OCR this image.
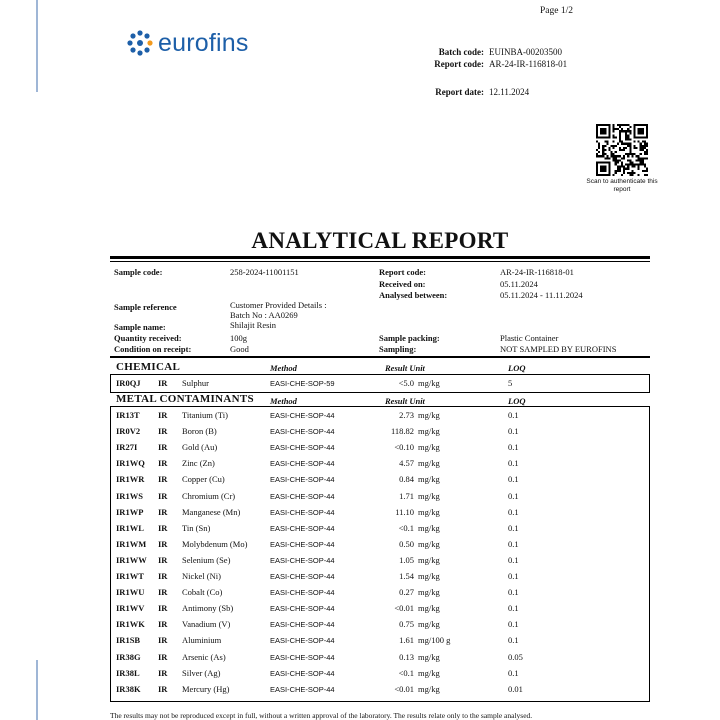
eurofins
Page 1/2
Batch code: EUINBA-00203500
Report code: AR-24-IR-116818-01
Report date: 12.11.2024
Scan to authenticate this report
ANALYTICAL REPORT
Sample code:	258-2024-11001151
Sample reference	Customer Provided Details :
Batch No : AA0269
Sample name:	Shilajit Resin
Quantity received:	100g
Condition on receipt:	Good
Report code:	AR-24-IR-116818-01
Received on:	05.11.2024
Analysed between:	05.11.2024 - 11.11.2024
Sample packing:	Plastic Container
Sampling:	NOT SAMPLED BY EUROFINS
CHEMICAL	Method	Result Unit	LOQ
METAL CONTAMINANTS Method	Result Unit	LOQ
IR0QJ IR Sulphur	EASI-CHE-SOP-59	<5.0 mg/kg	5
IR13T IR Titanium (Ti)	EASI-CHE-SOP-44	2.73 mg/kg	0.1
IR0V2 IR Boron (B)	EASI-CHE-SOP-44	118.82 mg/kg	0.1
IR27I IR Gold (Au)	EASI-CHE-SOP-44	<0.10 mg/kg	0.1
IR1WQ IR Zinc (Zn)	EASI-CHE-SOP-44	4.57 mg/kg	0.1
IR1WR IR Copper (Cu)	EASI-CHE-SOP-44	0.84 mg/kg	0.1
IR1WS IR Chromium (Cr)	EASI-CHE-SOP-44	1.71 mg/kg	0.1
IR1WP IR Manganese (Mn)	EASI-CHE-SOP-44	11.10 mg/kg	0.1
IR1WL IR Tin (Sn)	EASI-CHE-SOP-44	<0.1 mg/kg	0.1
IR1WM IR Molybdenum (Mo)	EASI-CHE-SOP-44	0.50 mg/kg	0.1
IR1WW IR Selenium (Se)	EASI-CHE-SOP-44	1.05 mg/kg	0.1
IR1WT IR Nickel (Ni)	EASI-CHE-SOP-44	1.54 mg/kg	0.1
IR1WU IR Cobalt (Co)	EASI-CHE-SOP-44	0.27 mg/kg	0.1
IR1WV IR Antimony (Sb)	EASI-CHE-SOP-44	<0.01 mg/kg	0.1
IR1WK IR Vanadium (V)	EASI-CHE-SOP-44	0.75 mg/kg	0.1
IR1SB IR Aluminium	EASI-CHE-SOP-44	1.61 mg/100 g	0.1
IR38G IR Arsenic (As)	EASI-CHE-SOP-44	0.13 mg/kg	0.05
IR38L IR Silver (Ag)	EASI-CHE-SOP-44	<0.1 mg/kg	0.1
IR38K IR Mercury (Hg)	EASI-CHE-SOP-44	<0.01 mg/kg	0.01
The results may not be reproduced except in full, without a written approval of the laboratory. The results relate only to the sample analysed.
